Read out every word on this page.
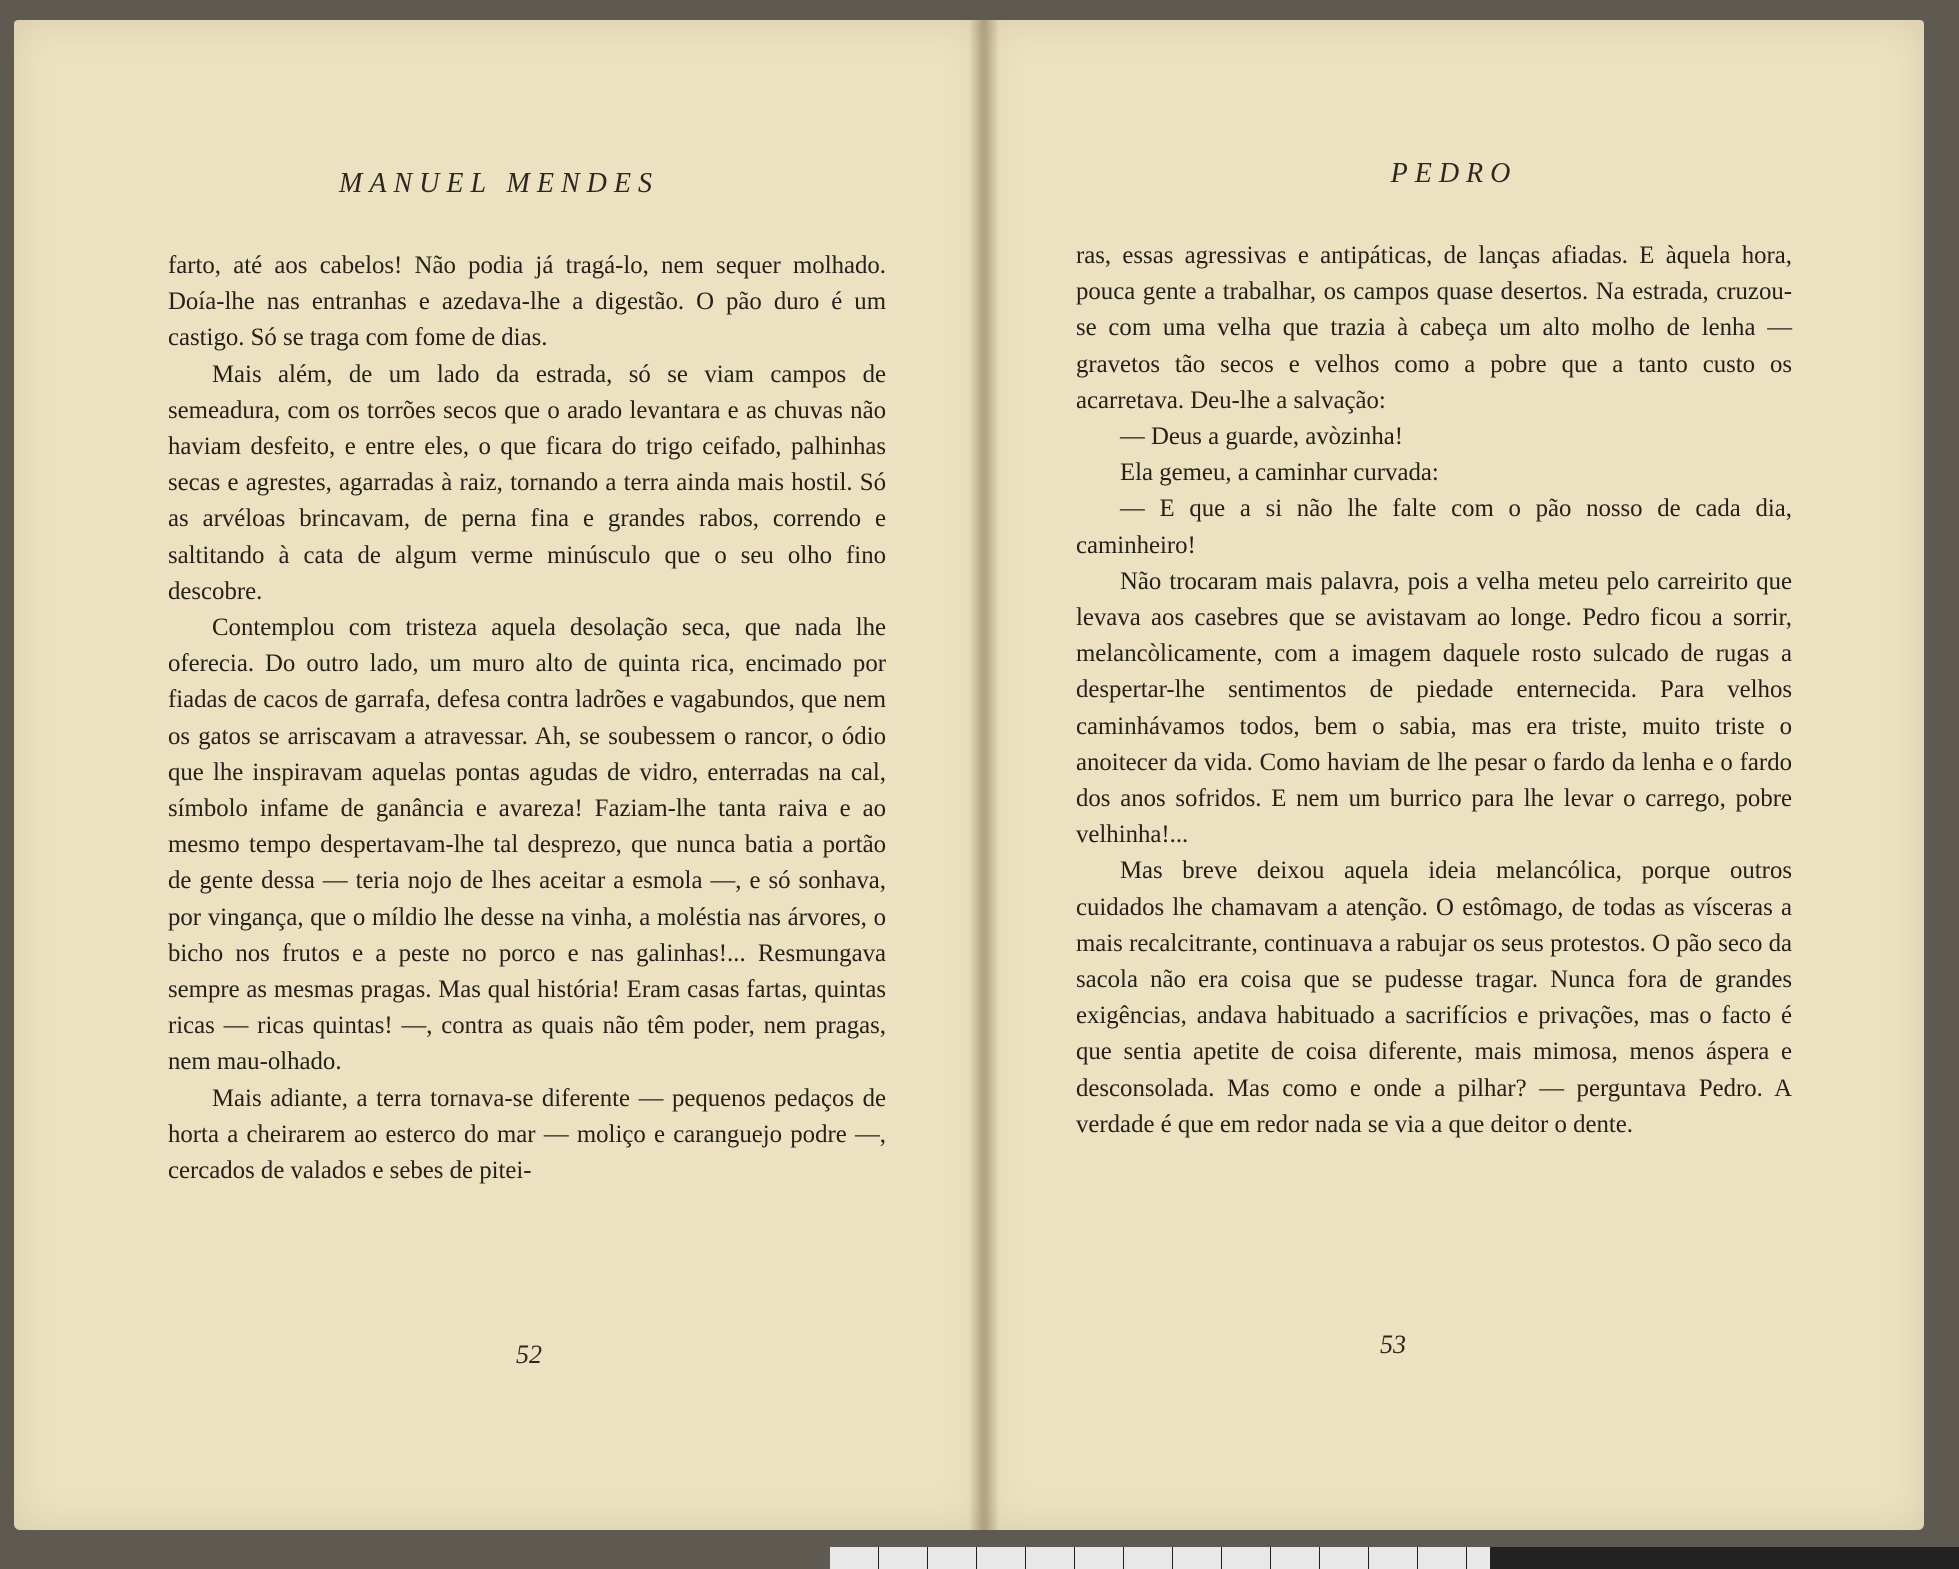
MANUEL MENDES

farto, até aos cabelos! Não podia já tragá-lo, nem sequer molhado. Doía-lhe nas entranhas e azedava-lhe a digestão. O pão duro é um castigo. Só se traga com fome de dias.

Mais além, de um lado da estrada, só se viam campos de semeadura, com os torrões secos que o arado levantara e as chuvas não haviam desfeito, e entre eles, o que ficara do trigo ceifado, palhinhas secas e agrestes, agarradas à raiz, tornando a terra ainda mais hostil. Só as arvéloas brincavam, de perna fina e grandes rabos, correndo e saltitando à cata de algum verme minúsculo que o seu olho fino descobre.

Contemplou com tristeza aquela desolação seca, que nada lhe oferecia. Do outro lado, um muro alto de quinta rica, encimado por fiadas de cacos de garrafa, defesa contra ladrões e vagabundos, que nem os gatos se arriscavam a atravessar. Ah, se soubessem o rancor, o ódio que lhe inspiravam aquelas pontas agudas de vidro, enterradas na cal, símbolo infame de ganância e avareza! Faziam-lhe tanta raiva e ao mesmo tempo despertavam-lhe tal desprezo, que nunca batia a portão de gente dessa — teria nojo de lhes aceitar a esmola —, e só sonhava, por vingança, que o míldio lhe desse na vinha, a moléstia nas árvores, o bicho nos frutos e a peste no porco e nas galinhas!... Resmungava sempre as mesmas pragas. Mas qual história! Eram casas fartas, quintas ricas — ricas quintas! —, contra as quais não têm poder, nem pragas, nem mau-olhado.

Mais adiante, a terra tornava-se diferente — pequenos pedaços de horta a cheirarem ao esterco do mar — moliço e caranguejo podre —, cercados de valados e sebes de pitei-

52
PEDRO

ras, essas agressivas e antipáticas, de lanças afiadas. E àquela hora, pouca gente a trabalhar, os campos quase desertos. Na estrada, cruzou-se com uma velha que trazia à cabeça um alto molho de lenha — gravetos tão secos e velhos como a pobre que a tanto custo os acarretava. Deu-lhe a salvação:

— Deus a guarde, avòzinha!

Ela gemeu, a caminhar curvada:

— E que a si não lhe falte com o pão nosso de cada dia, caminheiro!

Não trocaram mais palavra, pois a velha meteu pelo carreirito que levava aos casebres que se avistavam ao longe. Pedro ficou a sorrir, melancòlicamente, com a imagem daquele rosto sulcado de rugas a despertar-lhe sentimentos de piedade enternecida. Para velhos caminhávamos todos, bem o sabia, mas era triste, muito triste o anoitecer da vida. Como haviam de lhe pesar o fardo da lenha e o fardo dos anos sofridos. E nem um burrico para lhe levar o carrego, pobre velhinha!...

Mas breve deixou aquela ideia melancólica, porque outros cuidados lhe chamavam a atenção. O estômago, de todas as vísceras a mais recalcitrante, continuava a rabujar os seus protestos. O pão seco da sacola não era coisa que se pudesse tragar. Nunca fora de grandes exigências, andava habituado a sacrifícios e privações, mas o facto é que sentia apetite de coisa diferente, mais mimosa, menos áspera e desconsolada. Mas como e onde a pilhar? — perguntava Pedro. A verdade é que em redor nada se via a que deitor o dente.

53
